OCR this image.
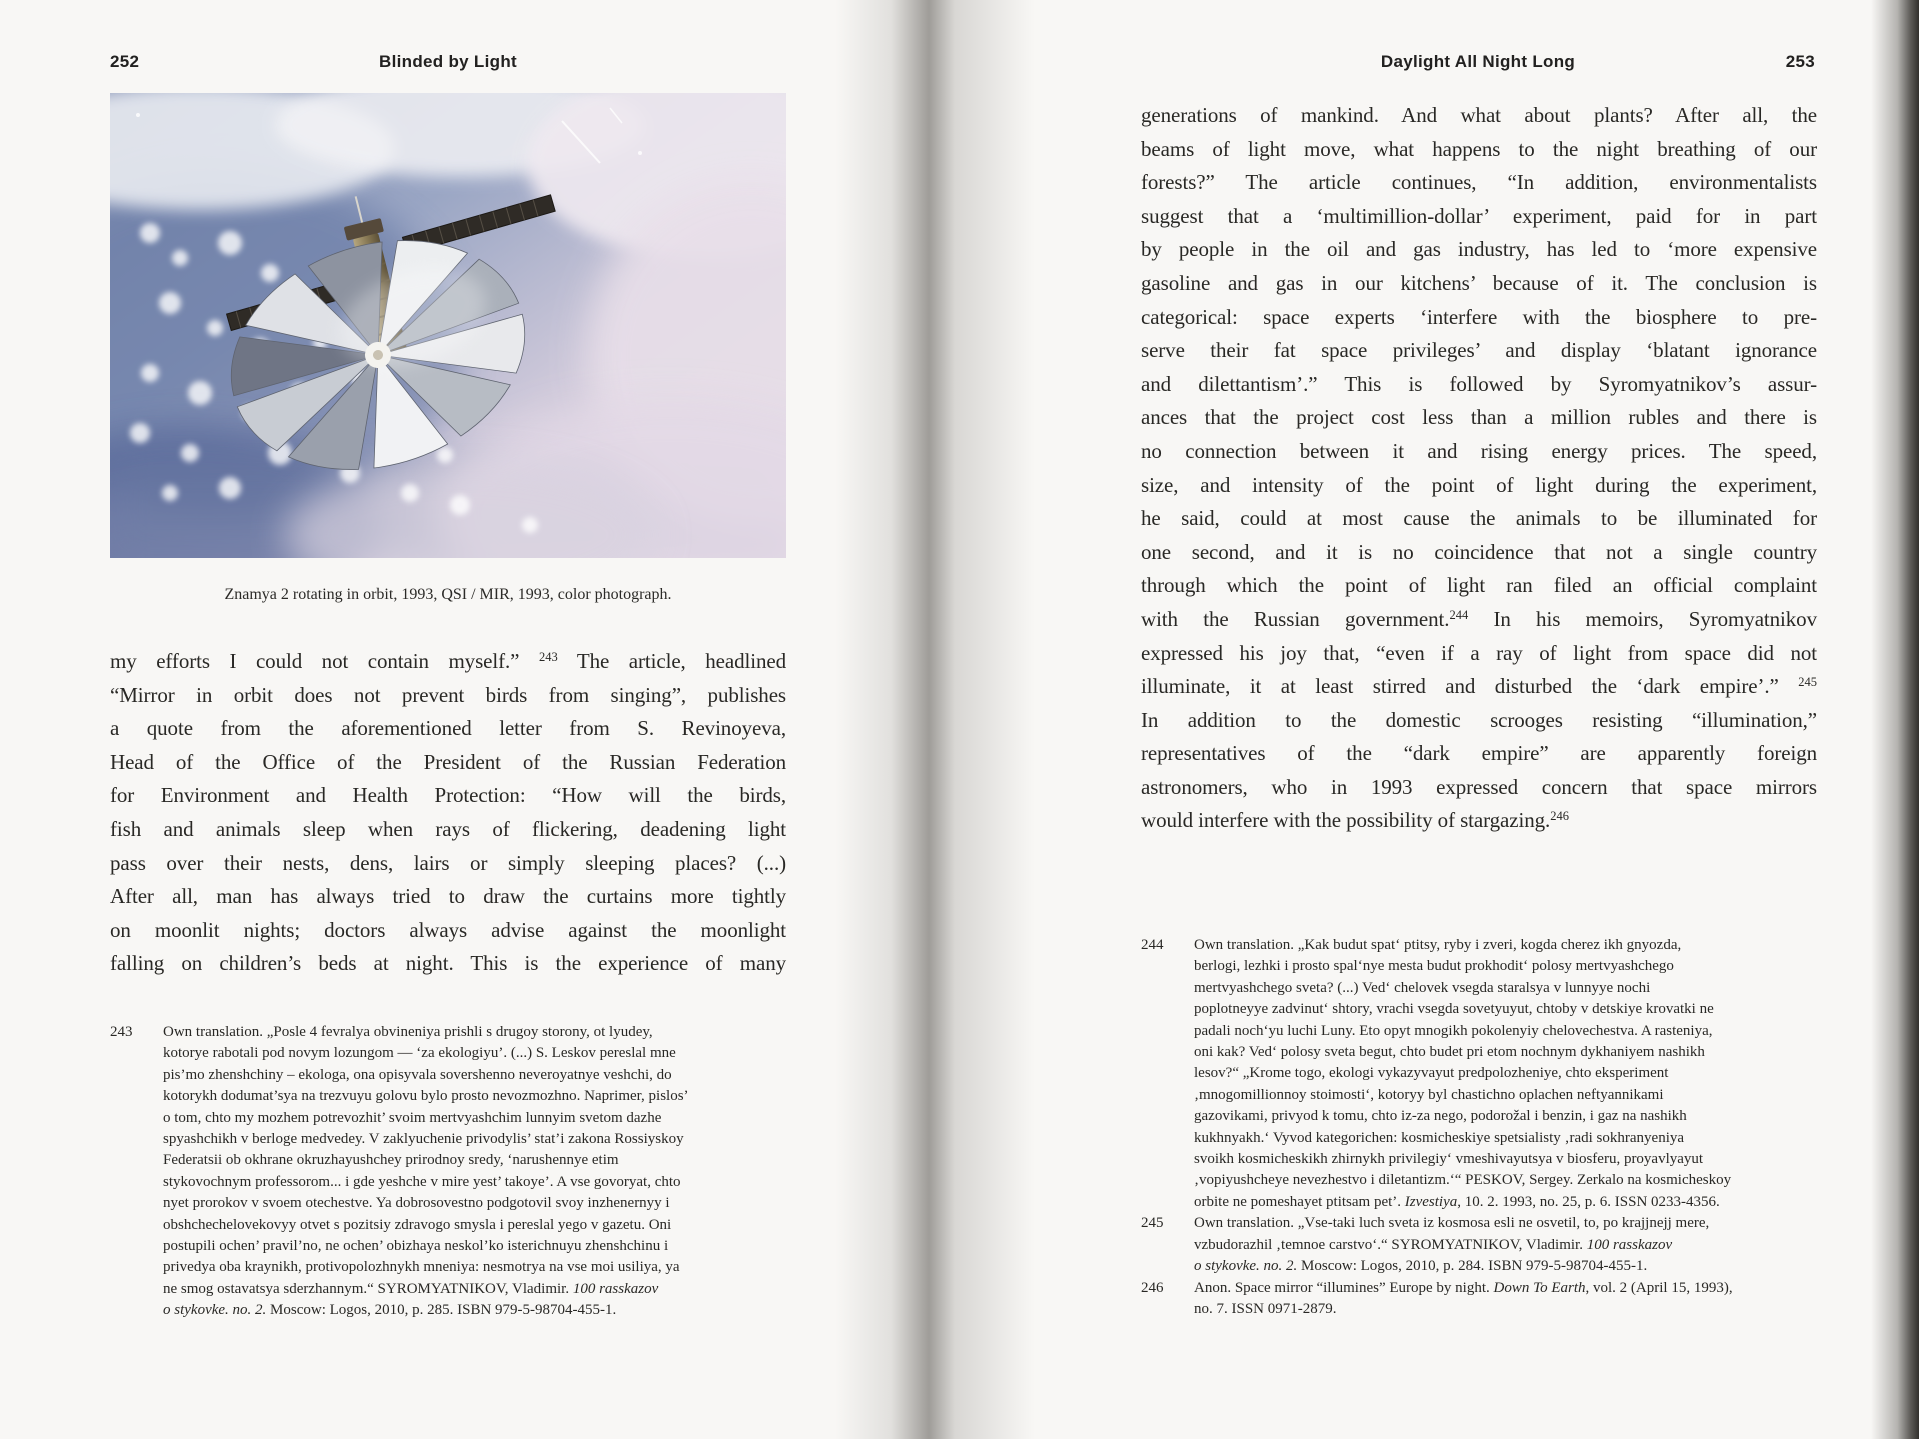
252	Blinded by Light
Znamya 2 rotating in orbit, 1993, QSI / MIR, 1993, color photograph.
my efforts I could not contain myself.” $^{243}$ The article, headlined
“Mirror in orbit does not prevent birds from singing”, publishes
a quote from the aforementioned letter from S. Revinoyeva,
Head of the Office of the President of the Russian Federation
for Environment and Health Protection: “How will the birds,
fish and animals sleep when rays of flickering, deadening light
pass over their nests, dens, lairs or simply sleeping places? (...)
After all, man has always tried to draw the curtains more tightly
on moonlit nights; doctors always advise against the moonlight
falling on children’s beds at night. This is the experience of many
243	Own translation. „Posle 4 fevralya obvineniya prishli s drugoy storony, ot lyudey,
kotorye rabotali pod novym lozungom — ‘za ekologiyu’. (...) S. Leskov pereslal mne
pis’mo zhenshchiny – ekologa, ona opisyvala sovershenno neveroyatnye veshchi, do
kotorykh dodumat’sya na trezvuyu golovu bylo prosto nevozmozhno. Naprimer, pislos’
o tom, chto my mozhem potrevozhit’ svoim mertvyashchim lunnyim svetom dazhe
spyashchikh v berloge medvedey. V zaklyuchenie privodylis’ stat’i zakona Rossiyskoy
Federatsii ob okhrane okruzhayushchey prirodnoy sredy, ‘narushennye etim
stykovochnym professorom... i gde yeshche v mire yest’ takoye’. A vse govoryat, chto
nyet prorokov v svoem otechestve. Ya dobrosovestno podgotovil svoy inzhenernyy i
obshchechelovekovyy otvet s pozitsiy zdravogo smysla i pereslal yego v gazetu. Oni
postupili ochen’ pravil’no, ne ochen’ obizhaya neskol’ko isterichnuyu zhenshchinu i
privedya oba kraynikh, protivopolozhnykh mneniya: nesmotrya na vse moi usiliya, ya
ne smog ostavatsya sderzhannym.“ SYROMYATNIKOV, Vladimir. 100 rasskazov
o stykovke. no. 2. Moscow: Logos, 2010, p. 285. ISBN 979-5-98704-455-1.
Daylight All Night Long	253
generations of mankind. And what about plants? After all, the
beams of light move, what happens to the night breathing of our
forests?” The article continues, “In addition, environmentalists
suggest that a ‘multimillion-dollar’ experiment, paid for in part
by people in the oil and gas industry, has led to ‘more expensive
gasoline and gas in our kitchens’ because of it. The conclusion is
categorical: space experts ‘interfere with the biosphere to pre-
serve their fat space privileges’ and display ‘blatant ignorance
and dilettantism’.” This is followed by Syromyatnikov’s assur-
ances that the project cost less than a million rubles and there is
no connection between it and rising energy prices. The speed,
size, and intensity of the point of light during the experiment,
he said, could at most cause the animals to be illuminated for
one second, and it is no coincidence that not a single country
through which the point of light ran filed an official complaint
with the Russian government.$^{244}$ In his memoirs, Syromyatnikov
expressed his joy that, “even if a ray of light from space did not
illuminate, it at least stirred and disturbed the ‘dark empire’.” $^{245}$
In addition to the domestic scrooges resisting “illumination,”
representatives of the “dark empire” are apparently foreign
astronomers, who in 1993 expressed concern that space mirrors
would interfere with the possibility of stargazing.$^{246}$
244	Own translation. „Kak budut spat‘ ptitsy, ryby i zveri, kogda cherez ikh gnyozda,
berlogi, lezhki i prosto spal‘nye mesta budut prokhodit‘ polosy mertvyashchego
mertvyashchego sveta? (...) Ved‘ chelovek vsegda staralsya v lunnyye nochi
poplotneyye zadvinut‘ shtory, vrachi vsegda sovetyuyut, chtoby v detskiye krovatki ne
padali noch‘yu luchi Luny. Eto opyt mnogikh pokolenyiy chelovechestva. A rasteniya,
oni kak? Ved‘ polosy sveta begut, chto budet pri etom nochnym dykhaniyem nashikh
lesov?“ „Krome togo, ekologi vykazyvayut predpolozheniye, chto eksperiment
‚mnogomillionnoy stoimosti‘, kotoryy byl chastichno oplachen neftyannikami
gazovikami, privyod k tomu, chto iz-za nego, podorožal i benzin, i gaz na nashikh
kukhnyakh.‘ Vyvod kategorichen: kosmicheskiye spetsialisty ‚radi sokhranyeniya
svoikh kosmicheskikh zhirnykh privilegiy‘ vmeshivayutsya v biosferu, proyavlyayut
‚vopiyushcheye nevezhestvo i diletantizm.‘“ PESKOV, Sergey. Zerkalo na kosmicheskoy
orbite ne pomeshayet ptitsam pet’. Izvestiya, 10. 2. 1993, no. 25, p. 6. ISSN 0233-4356.
245	Own translation. „Vse-taki luch sveta iz kosmosa esli ne osvetil, to, po krajjnejj mere,
vzbudorazhil ‚temnoe carstvo‘.“ SYROMYATNIKOV, Vladimir. 100 rasskazov
o stykovke. no. 2. Moscow: Logos, 2010, p. 284. ISBN 979-5-98704-455-1.
246	Anon. Space mirror “illumines” Europe by night. Down To Earth, vol. 2 (April 15, 1993),
no. 7. ISSN 0971-2879.
